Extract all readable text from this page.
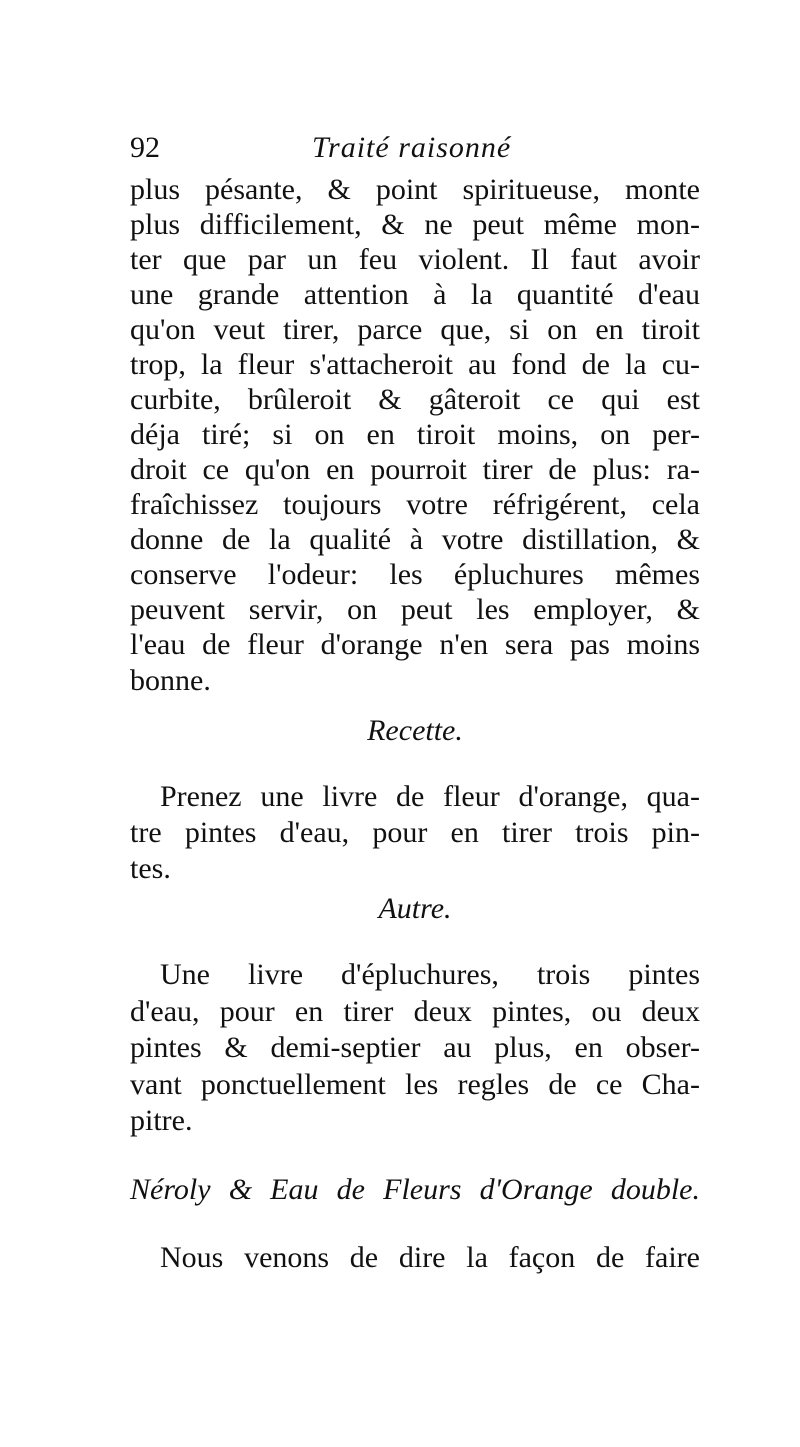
92	Traité raisonné
plus pésante, & point spiritueuse, monte
plus difficilement, & ne peut même mon-
ter que par un feu violent. Il faut avoir
une grande attention à la quantité d'eau
qu'on veut tirer, parce que, si on en tiroit
trop, la fleur s'attacheroit au fond de la cu-
curbite, brûleroit & gâteroit ce qui est
déja tiré; si on en tiroit moins, on per-
droit ce qu'on en pourroit tirer de plus: ra-
fraîchissez toujours votre réfrigérent, cela
donne de la qualité à votre distillation, &
conserve l'odeur: les épluchures mêmes
peuvent servir, on peut les employer, &
l'eau de fleur d'orange n'en sera pas moins
bonne.
Recette.
Prenez une livre de fleur d'orange, qua-
tre pintes d'eau, pour en tirer trois pin-
tes.
Autre.
Une livre d'épluchures, trois pintes
d'eau, pour en tirer deux pintes, ou deux
pintes & demi-septier au plus, en obser-
vant ponctuellement les regles de ce Cha-
pitre.
Néroly & Eau de Fleurs d'Orange double.
Nous venons de dire la façon de faire
